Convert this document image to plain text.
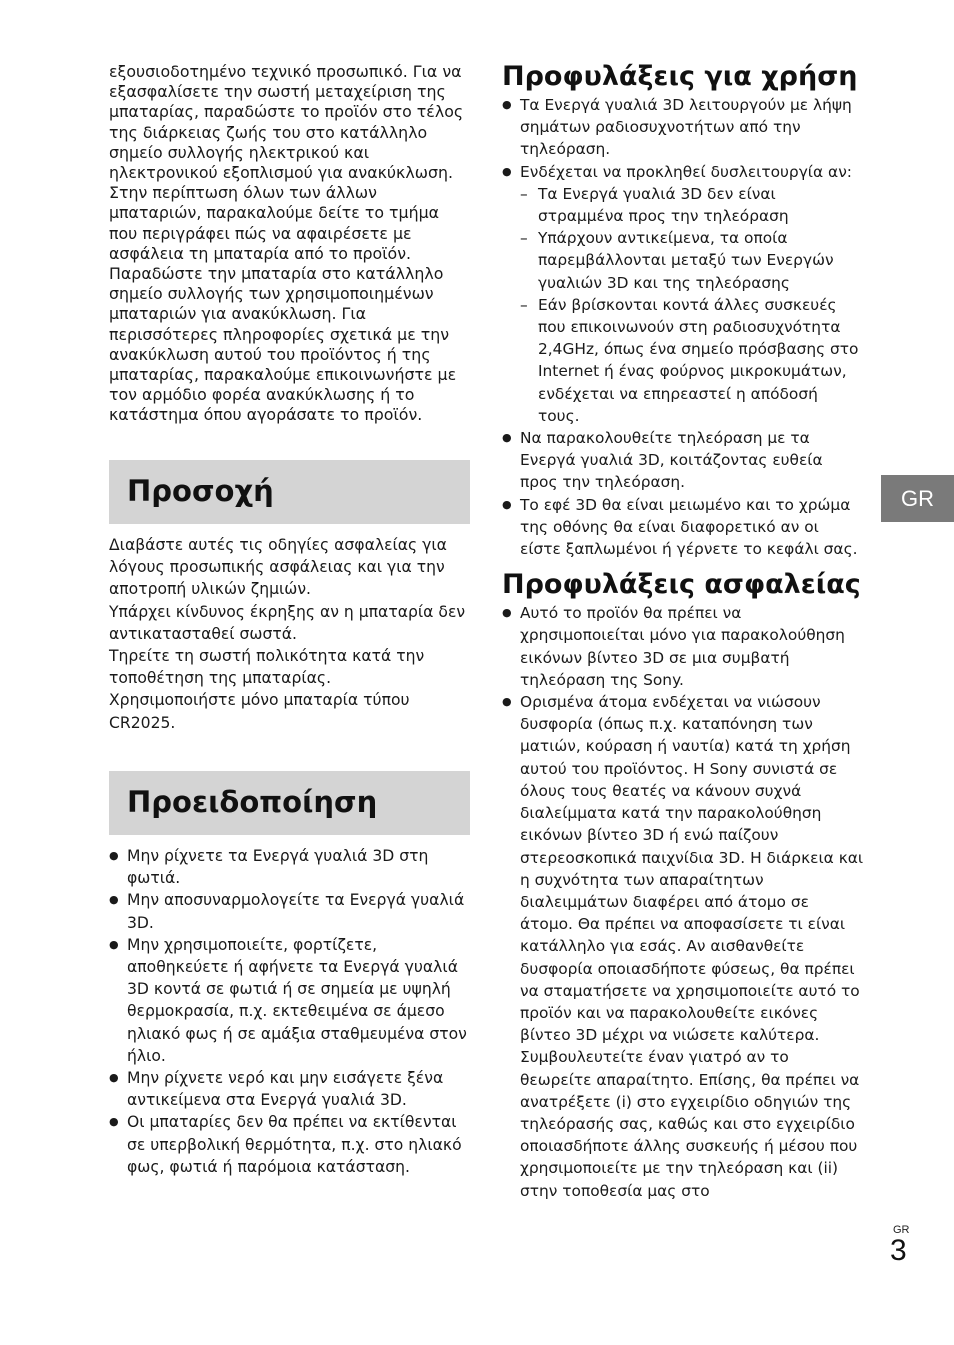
εξουσιοδοτημένο τεχνικό προσωπικό. Για να εξασφαλίσετε την σωστή μεταχείριση της μπαταρίας, παραδώστε το προϊόν στο τέλος της διάρκειας ζωής του στο κατάλληλο σημείο συλλογής ηλεκτρικού και ηλεκτρονικού εξοπλισμού για ανακύκλωση. Στην περίπτωση όλων των άλλων μπαταριών, παρακαλούμε δείτε το τμήμα που περιγράφει πώς να αφαιρέσετε με ασφάλεια τη μπαταρία από το προϊόν. Παραδώστε την μπαταρία στο κατάλληλο σημείο συλλογής των χρησιμοποιημένων μπαταριών για ανακύκλωση. Για περισσότερες πληροφορίες σχετικά με την ανακύκλωση αυτού του προϊόντος ή της μπαταρίας, παρακαλούμε επικοινωνήστε με τον αρμόδιο φορέα ανακύκλωσης ή το κατάστημα όπου αγοράσατε το προϊόν.

Προσοχή

Διαβάστε αυτές τις οδηγίες ασφαλείας για λόγους προσωπικής ασφάλειας και για την αποτροπή υλικών ζημιών.

Υπάρχει κίνδυνος έκρηξης αν η μπαταρία δεν αντικατασταθεί σωστά.

Τηρείτε τη σωστή πολικότητα κατά την τοποθέτηση της μπαταρίας.

Χρησιμοποιήστε μόνο μπαταρία τύπου CR2025.

Προειδοποίηση
● Μην ρίχνετε τα Ενεργά γυαλιά 3D στη φωτιά.
● Μην αποσυναρμολογείτε τα Ενεργά γυαλιά 3D.
● Μην χρησιμοποιείτε, φορτίζετε, αποθηκεύετε ή αφήνετε τα Ενεργά γυαλιά 3D κοντά σε φωτιά ή σε σημεία με υψηλή θερμοκρασία, π.χ. εκτεθειμένα σε άμεσο ηλιακό φως ή σε αμάξια σταθμευμένα στον ήλιο.
● Μην ρίχνετε νερό και μην εισάγετε ξένα αντικείμενα στα Ενεργά γυαλιά 3D.
● Οι μπαταρίες δεν θα πρέπει να εκτίθενται σε υπερβολική θερμότητα, π.χ. στο ηλιακό φως, φωτιά ή παρόμοια κατάσταση.
Προφυλάξεις για χρήση
● Τα Ενεργά γυαλιά 3D λειτουργούν με λήψη σημάτων ραδιοσυχνοτήτων από την τηλεόραση.
● Ενδέχεται να προκληθεί δυσλειτουργία αν:
– Τα Ενεργά γυαλιά 3D δεν είναι στραμμένα προς την τηλεόραση
– Υπάρχουν αντικείμενα, τα οποία παρεμβάλλονται μεταξύ των Ενεργών γυαλιών 3D και της τηλεόρασης
– Εάν βρίσκονται κοντά άλλες συσκευές που επικοινωνούν στη ραδιοσυχνότητα 2,4GHz, όπως ένα σημείο πρόσβασης στο Internet ή ένας φούρνος μικροκυμάτων, ενδέχεται να επηρεαστεί η απόδοσή τους.
● Να παρακολουθείτε τηλεόραση με τα Ενεργά γυαλιά 3D, κοιτάζοντας ευθεία προς την τηλεόραση.
● Το εφέ 3D θα είναι μειωμένο και το χρώμα της οθόνης θα είναι διαφορετικό αν οι είστε ξαπλωμένοι ή γέρνετε το κεφάλι σας.
Προφυλάξεις ασφαλείας
● Αυτό το προϊόν θα πρέπει να χρησιμοποιείται μόνο για παρακολούθηση εικόνων βίντεο 3D σε μια συμβατή τηλεόραση της Sony.
● Ορισμένα άτομα ενδέχεται να νιώσουν δυσφορία (όπως π.χ. καταπόνηση των ματιών, κούραση ή ναυτία) κατά τη χρήση αυτού του προϊόντος. Η Sony συνιστά σε όλους τους θεατές να κάνουν συχνά διαλείμματα κατά την παρακολούθηση εικόνων βίντεο 3D ή ενώ παίζουν στερεοσκοπικά παιχνίδια 3D. Η διάρκεια και η συχνότητα των απαραίτητων διαλειμμάτων διαφέρει από άτομο σε άτομο. Θα πρέπει να αποφασίσετε τι είναι κατάλληλο για εσάς. Αν αισθανθείτε δυσφορία οποιασδήποτε φύσεως, θα πρέπει να σταματήσετε να χρησιμοποιείτε αυτό το προϊόν και να παρακολουθείτε εικόνες βίντεο 3D μέχρι να νιώσετε καλύτερα. Συμβουλευτείτε έναν γιατρό αν το θεωρείτε απαραίτητο. Επίσης, θα πρέπει να ανατρέξετε (i) στο εγχειρίδιο οδηγιών της τηλεόρασής σας, καθώς και στο εγχειρίδιο οποιασδήποτε άλλης συσκευής ή μέσου που χρησιμοποιείτε με την τηλεόραση και (ii) στην τοποθεσία μας στο
GR
GR
3
